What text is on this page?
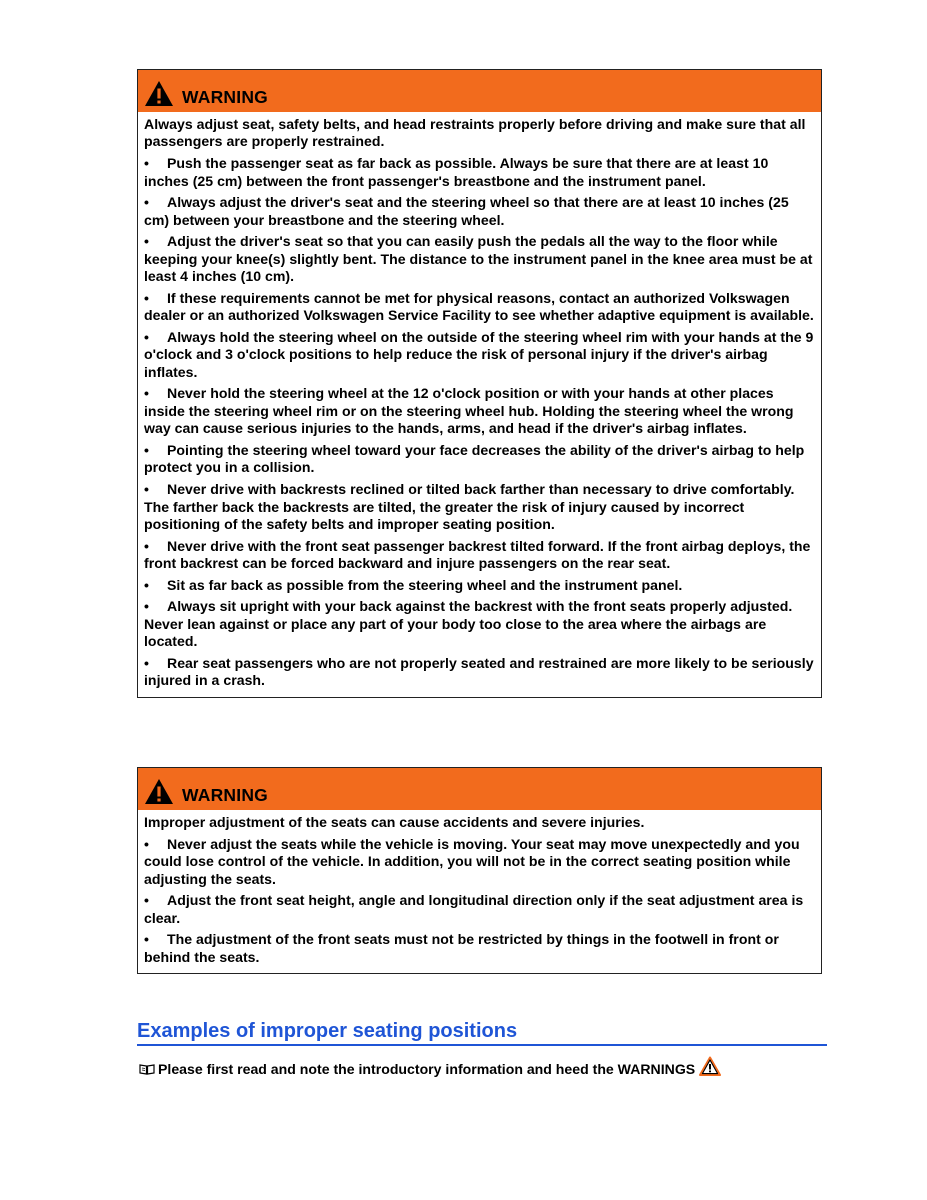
WARNING

Always adjust seat, safety belts, and head restraints properly before driving and make sure that all passengers are properly restrained.

• Push the passenger seat as far back as possible. Always be sure that there are at least 10 inches (25 cm) between the front passenger's breastbone and the instrument panel.

• Always adjust the driver's seat and the steering wheel so that there are at least 10 inches (25 cm) between your breastbone and the steering wheel.

• Adjust the driver's seat so that you can easily push the pedals all the way to the floor while keeping your knee(s) slightly bent. The distance to the instrument panel in the knee area must be at least 4 inches (10 cm).

• If these requirements cannot be met for physical reasons, contact an authorized Volkswagen dealer or an authorized Volkswagen Service Facility to see whether adaptive equipment is available.

• Always hold the steering wheel on the outside of the steering wheel rim with your hands at the 9 o'clock and 3 o'clock positions to help reduce the risk of personal injury if the driver's airbag inflates.

• Never hold the steering wheel at the 12 o'clock position or with your hands at other places inside the steering wheel rim or on the steering wheel hub. Holding the steering wheel the wrong way can cause serious injuries to the hands, arms, and head if the driver's airbag inflates.

• Pointing the steering wheel toward your face decreases the ability of the driver's airbag to help protect you in a collision.

• Never drive with backrests reclined or tilted back farther than necessary to drive comfortably. The farther back the backrests are tilted, the greater the risk of injury caused by incorrect positioning of the safety belts and improper seating position.

• Never drive with the front seat passenger backrest tilted forward. If the front airbag deploys, the front backrest can be forced backward and injure passengers on the rear seat.

• Sit as far back as possible from the steering wheel and the instrument panel.

• Always sit upright with your back against the backrest with the front seats properly adjusted. Never lean against or place any part of your body too close to the area where the airbags are located.

• Rear seat passengers who are not properly seated and restrained are more likely to be seriously injured in a crash.

WARNING

Improper adjustment of the seats can cause accidents and severe injuries.

• Never adjust the seats while the vehicle is moving. Your seat may move unexpectedly and you could lose control of the vehicle. In addition, you will not be in the correct seating position while adjusting the seats.

• Adjust the front seat height, angle and longitudinal direction only if the seat adjustment area is clear.

• The adjustment of the front seats must not be restricted by things in the footwell in front or behind the seats.

Examples of improper seating positions
Please first read and note the introductory information and heed the WARNINGS
